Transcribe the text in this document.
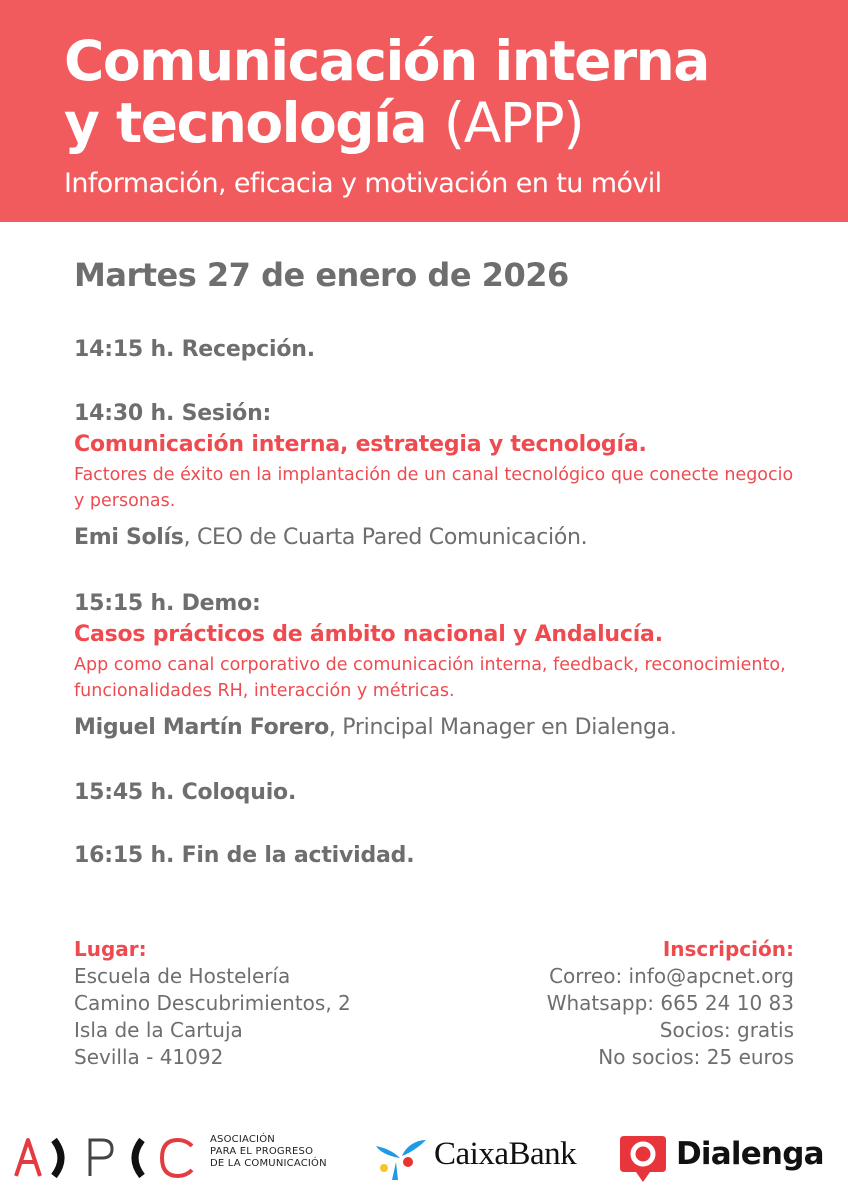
Comunicación interna
y tecnología (APP)
Información, eficacia y motivación en tu móvil
Martes 27 de enero de 2026
14:15 h. Recepción.
14:30 h. Sesión:
Comunicación interna, estrategia y tecnología.
Factores de éxito en la implantación de un canal tecnológico que conecte negocio y personas.
Emi Solís, CEO de Cuarta Pared Comunicación.
15:15 h. Demo:
Casos prácticos de ámbito nacional y Andalucía.
App como canal corporativo de comunicación interna, feedback, reconocimiento, funcionalidades RH, interacción y métricas.
Miguel Martín Forero, Principal Manager en Dialenga.
15:45 h. Coloquio.
16:15 h. Fin de la actividad.
Lugar:
Escuela de Hostelería
Camino Descubrimientos, 2
Isla de la Cartuja
Sevilla - 41092
Inscripción:
Correo: info@apcnet.org
Whatsapp: 665 24 10 83
Socios: gratis
No socios: 25 euros
ASOCIACIÓN
PARA EL PROGRESO
DE LA COMUNICACIÓN	CaixaBank	Dialenga
